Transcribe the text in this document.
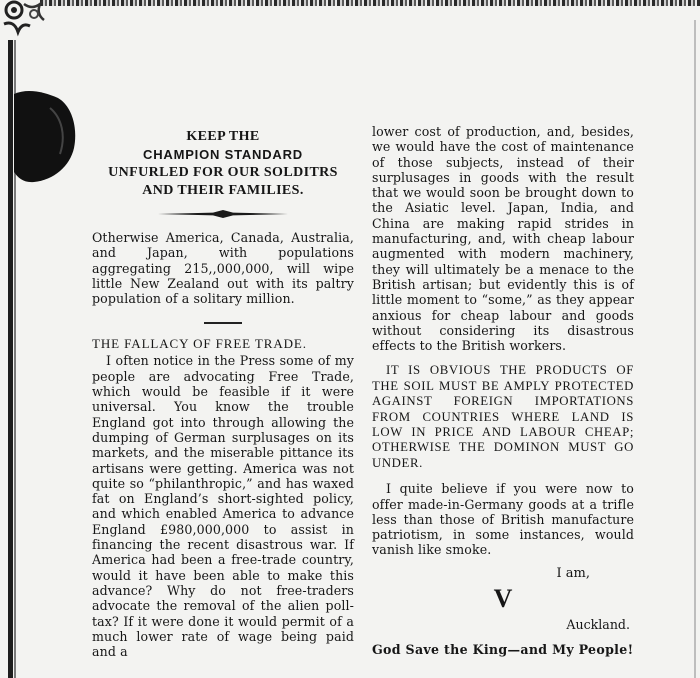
KEEP THE
CHAMPION STANDARD
UNFURLED FOR OUR SOLDITRS
AND THEIR FAMILIES.

Otherwise America, Canada, Australia, and Japan, with populations aggregating 215,,000,000, will wipe little New Zealand out with its paltry population of a solitary million.

THE FALLACY OF FREE TRADE.

I often notice in the Press some of my people are advocating Free Trade, which would be feasible if it were universal. You know the trouble England got into through allowing the dumping of German surplusages on its markets, and the miserable pittance its artisans were getting. America was not quite so “philanthropic,” and has waxed fat on England’s short-sighted policy, and which enabled America to advance England £980,000,000 to assist in financing the recent disastrous war. If America had been a free-trade country, would it have been able to make this advance? Why do not free-traders advocate the removal of the alien poll-tax? If it were done it would permit of a much lower rate of wage being paid and a

lower cost of production, and, besides, we would have the cost of maintenance of those subjects, instead of their surplusages in goods with the result that we would soon be brought down to the Asiatic level. Japan, India, and China are making rapid strides in manufacturing, and, with cheap labour augmented with modern machinery, they will ultimately be a menace to the British artisan; but evidently this is of little moment to “some,” as they appear anxious for cheap labour and goods without considering its disastrous effects to the British workers.

IT IS OBVIOUS THE PRODUCTS OF THE SOIL MUST BE AMPLY PROTECTED AGAINST FOREIGN IMPORTATIONS FROM COUNTRIES WHERE LAND IS LOW IN PRICE AND LABOUR CHEAP; OTHERWISE THE DOMINON MUST GO UNDER.

I quite believe if you were now to offer made-in-Germany goods at a trifle less than those of British manufacture patriotism, in some instances, would vanish like smoke.

I am,
V
Auckland.
God Save the King—and My People!
